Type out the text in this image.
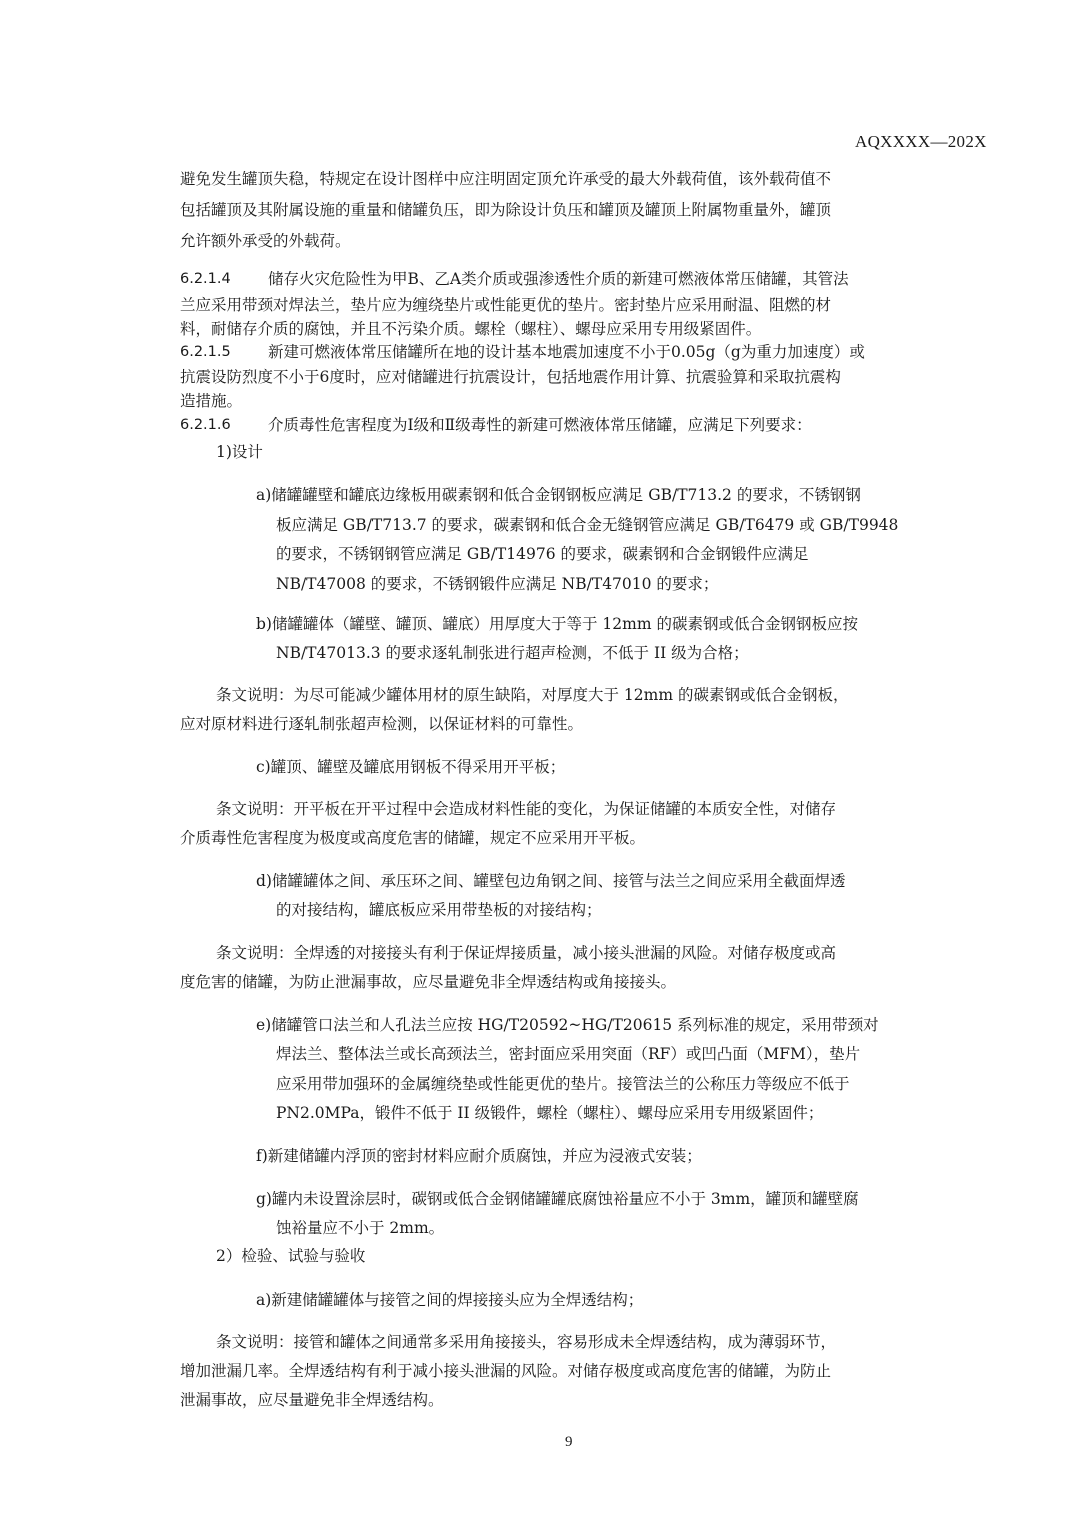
AQXXXX—202X
避免发生罐顶失稳，特规定在设计图样中应注明固定顶允许承受的最大外载荷值，该外载荷值不
包括罐顶及其附属设施的重量和储罐负压，即为除设计负压和罐顶及罐顶上附属物重量外，罐顶
允许额外承受的外载荷。
6.2.1.4 储存火灾危险性为甲B、乙A类介质或强渗透性介质的新建可燃液体常压储罐，其管法
兰应采用带颈对焊法兰，垫片应为缠绕垫片或性能更优的垫片。密封垫片应采用耐温、阻燃的材
料，耐储存介质的腐蚀，并且不污染介质。螺栓（螺柱）、螺母应采用专用级紧固件。
6.2.1.5 新建可燃液体常压储罐所在地的设计基本地震加速度不小于0.05g（g为重力加速度）或
抗震设防烈度不小于6度时，应对储罐进行抗震设计，包括地震作用计算、抗震验算和采取抗震构
造措施。
6.2.1.6 介质毒性危害程度为Ⅰ级和Ⅱ级毒性的新建可燃液体常压储罐，应满足下列要求：
1)设计
a)储罐罐壁和罐底边缘板用碳素钢和低合金钢钢板应满足 GB/T713.2 的要求，不锈钢钢
板应满足 GB/T713.7 的要求，碳素钢和低合金无缝钢管应满足 GB/T6479 或 GB/T9948
的要求，不锈钢钢管应满足 GB/T14976 的要求，碳素钢和合金钢锻件应满足
NB/T47008 的要求，不锈钢锻件应满足 NB/T47010 的要求；
b)储罐罐体（罐壁、罐顶、罐底）用厚度大于等于 12mm 的碳素钢或低合金钢钢板应按
NB/T47013.3 的要求逐轧制张进行超声检测，不低于 II 级为合格；
条文说明：为尽可能减少罐体用材的原生缺陷，对厚度大于 12mm 的碳素钢或低合金钢板，
应对原材料进行逐轧制张超声检测，以保证材料的可靠性。
c)罐顶、罐壁及罐底用钢板不得采用开平板；
条文说明：开平板在开平过程中会造成材料性能的变化，为保证储罐的本质安全性，对储存
介质毒性危害程度为极度或高度危害的储罐，规定不应采用开平板。
d)储罐罐体之间、承压环之间、罐壁包边角钢之间、接管与法兰之间应采用全截面焊透
的对接结构，罐底板应采用带垫板的对接结构；
条文说明：全焊透的对接接头有利于保证焊接质量，减小接头泄漏的风险。对储存极度或高
度危害的储罐，为防止泄漏事故，应尽量避免非全焊透结构或角接接头。
e)储罐管口法兰和人孔法兰应按 HG/T20592~HG/T20615 系列标准的规定，采用带颈对
焊法兰、整体法兰或长高颈法兰，密封面应采用突面（RF）或凹凸面（MFM），垫片
应采用带加强环的金属缠绕垫或性能更优的垫片。接管法兰的公称压力等级应不低于
PN2.0MPa，锻件不低于 II 级锻件，螺栓（螺柱）、螺母应采用专用级紧固件；
f)新建储罐内浮顶的密封材料应耐介质腐蚀，并应为浸液式安装；
g)罐内未设置涂层时，碳钢或低合金钢储罐罐底腐蚀裕量应不小于 3mm，罐顶和罐壁腐
蚀裕量应不小于 2mm。
2）检验、试验与验收
a)新建储罐罐体与接管之间的焊接接头应为全焊透结构；
条文说明：接管和罐体之间通常多采用角接接头，容易形成未全焊透结构，成为薄弱环节，
增加泄漏几率。全焊透结构有利于减小接头泄漏的风险。对储存极度或高度危害的储罐，为防止
泄漏事故，应尽量避免非全焊透结构。
9
